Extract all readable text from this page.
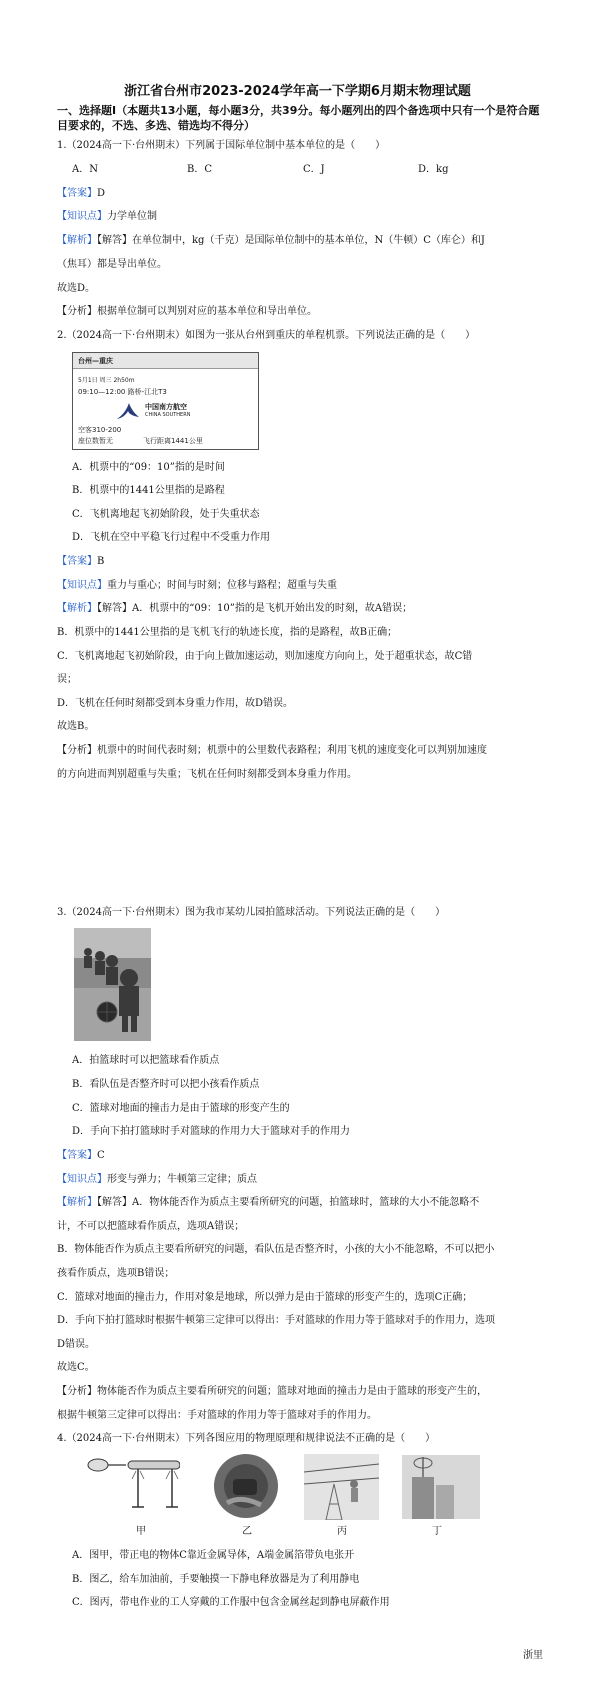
浙江省台州市2023-2024学年高一下学期6月期末物理试题
一、选择题Ⅰ（本题共13小题，每小题3分，共39分。每小题列出的四个备选项中只有一个是符合题目要求的，不选、多选、错选均不得分）
1.（2024高一下·台州期末）下列属于国际单位制中基本单位的是（　　）
A．N	B．C	C．J	D．kg
【答案】D
【知识点】力学单位制
【解析】【解答】在单位制中，kg（千克）是国际单位制中的基本单位，N（牛顿）C（库仑）和J
（焦耳）都是导出单位。
故选D。
【分析】根据单位制可以判别对应的基本单位和导出单位。
2.（2024高一下·台州期末）如图为一张从台州到重庆的单程机票。下列说法正确的是（　　）
台州—重庆
5月1日 周三 2h50m
09:10—12:00 路桥-江北T3
中国南方航空
CHINA SOUTHERN
空客310-200
座位数暂无	飞行距离1441公里
A．机票中的“09：10”指的是时间
B．机票中的1441公里指的是路程
C．飞机离地起飞初始阶段，处于失重状态
D．飞机在空中平稳飞行过程中不受重力作用
【答案】B
【知识点】重力与重心；时间与时刻；位移与路程；超重与失重
【解析】【解答】A．机票中的“09：10”指的是飞机开始出发的时刻，故A错误；
B．机票中的1441公里指的是飞机飞行的轨迹长度，指的是路程，故B正确；
C．飞机离地起飞初始阶段，由于向上做加速运动，则加速度方向向上，处于超重状态，故C错
误；
D．飞机在任何时刻都受到本身重力作用，故D错误。
故选B。
【分析】机票中的时间代表时刻；机票中的公里数代表路程；利用飞机的速度变化可以判别加速度
的方向进而判别超重与失重；飞机在任何时刻都受到本身重力作用。
3.（2024高一下·台州期末）图为我市某幼儿园拍篮球活动。下列说法正确的是（　　）
A．拍篮球时可以把篮球看作质点
B．看队伍是否整齐时可以把小孩看作质点
C．篮球对地面的撞击力是由于篮球的形变产生的
D．手向下拍打篮球时手对篮球的作用力大于篮球对手的作用力
【答案】C
【知识点】形变与弹力；牛顿第三定律；质点
【解析】【解答】A．物体能否作为质点主要看所研究的问题，拍篮球时，篮球的大小不能忽略不
计，不可以把篮球看作质点，选项A错误；
B．物体能否作为质点主要看所研究的问题，看队伍是否整齐时，小孩的大小不能忽略，不可以把小
孩看作质点，选项B错误；
C．篮球对地面的撞击力，作用对象是地球，所以弹力是由于篮球的形变产生的，选项C正确；
D．手向下拍打篮球时根据牛顿第三定律可以得出：手对篮球的作用力等于篮球对手的作用力，选项
D错误。
故选C。
【分析】物体能否作为质点主要看所研究的问题；篮球对地面的撞击力是由于篮球的形变产生的，
根据牛顿第三定律可以得出：手对篮球的作用力等于篮球对手的作用力。
4.（2024高一下·台州期末）下列各图应用的物理原理和规律说法不正确的是（　　）
甲	乙	丙	丁
A．图甲，带正电的物体C靠近金属导体，A端金属箔带负电张开
B．图乙，给车加油前，手要触摸一下静电释放器是为了利用静电
C．图丙，带电作业的工人穿戴的工作服中包含金属丝起到静电屏蔽作用
浙里
